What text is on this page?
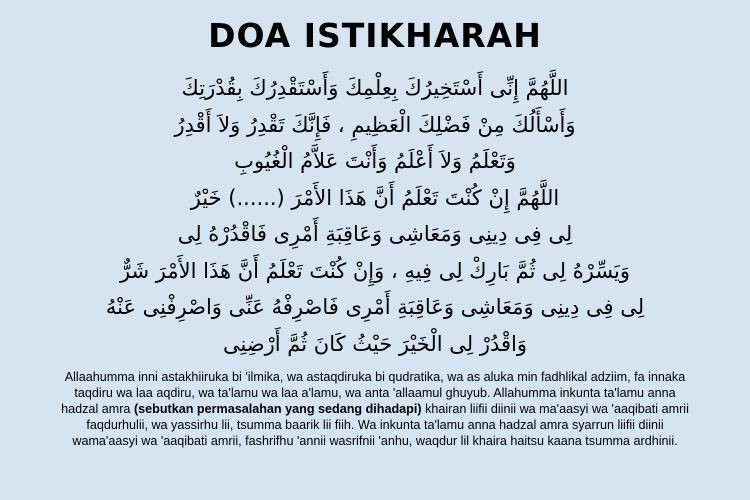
DOA ISTIKHARAH
اللَّهُمَّ إِنِّى أَسْتَخِيرُكَ بِعِلْمِكَ وَأَسْتَقْدِرُكَ بِقُدْرَتِكَ
وَأَسْأَلُكَ مِنْ فَضْلِكَ الْعَظِيمِ ، فَإِنَّكَ تَقْدِرُ وَلاَ أَقْدِرُ
وَتَعْلَمُ وَلاَ أَعْلَمُ وَأَنْتَ عَلاَّمُ الْغُيُوبِ
اللَّهُمَّ إِنْ كُنْتَ تَعْلَمُ أَنَّ هَذَا الأَمْرَ (......) خَيْرٌ
لِى فِى دِينِى وَمَعَاشِى وَعَاقِبَةِ أَمْرِى فَاقْدُرْهُ لِى
وَيَسِّرْهُ لِى ثُمَّ بَارِكْ لِى فِيهِ ، وَإِنْ كُنْتَ تَعْلَمُ أَنَّ هَذَا الأَمْرَ شَرٌّ
لِى فِى دِينِى وَمَعَاشِى وَعَاقِبَةِ أَمْرِى فَاصْرِفْهُ عَنِّى وَاصْرِفْنِى عَنْهُ
وَاقْدُرْ لِى الْخَيْرَ حَيْثُ كَانَ ثُمَّ أَرْضِنِى
Allaahumma inni astakhiiruka bi 'ilmika, wa astaqdiruka bi qudratika, wa as aluka min fadhlikal adziim, fa innaka taqdiru wa laa aqdiru, wa ta'lamu wa laa a'lamu, wa anta 'allaamul ghuyub. Allahumma inkunta ta'lamu anna hadzal amra (sebutkan permasalahan yang sedang dihadapi) khairan liifii diinii wa ma'aasyi wa 'aaqibati amrii faqdurhulii, wa yassirhu lii, tsumma baarik lii fiih. Wa inkunta ta'lamu anna hadzal amra syarrun liifii diinii wama'aasyi wa 'aaqibati amrii, fashrifhu 'annii wasrifnii 'anhu, waqdur lil khaira haitsu kaana tsumma ardhinii.
